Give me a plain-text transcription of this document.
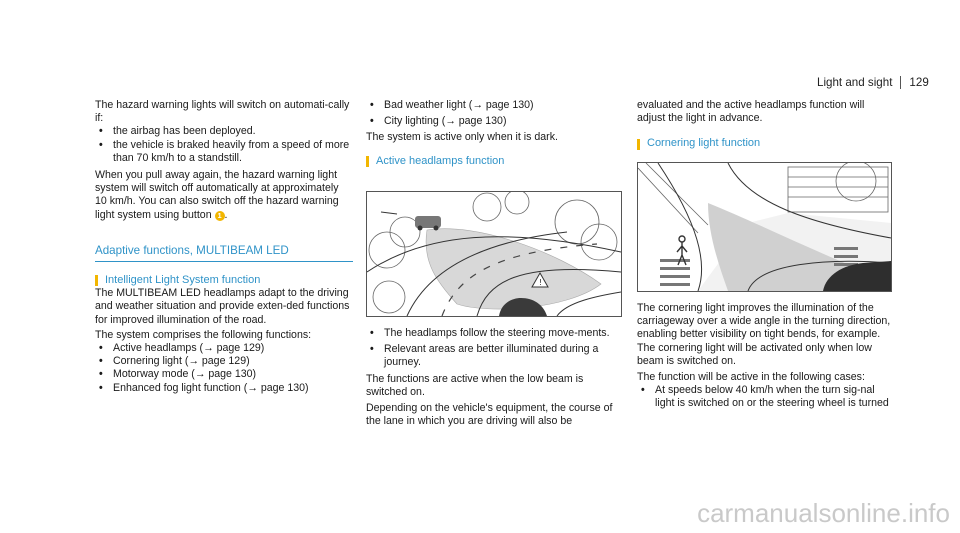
Light and sight 129

The hazard warning lights will switch on automati-cally if:

•
the airbag has been deployed.
•
the vehicle is braked heavily from a speed of more than 70 km/h to a standstill.

When you pull away again, the hazard warning light system will switch off automatically at approximately 10 km/h. You can also switch off the hazard warning light system using button 1 .

Adaptive functions, MULTIBEAM LED
Intelligent Light System function

The MULTIBEAM LED headlamps adapt to the driving and weather situation and provide exten-ded functions for improved illumination of the road.

The system comprises the following functions:

•
Active headlamps (→ page 129)
•
Cornering light (→ page 129)
•
Motorway mode (→ page 130)
•
Enhanced fog light function (→ page 130)
•
Bad weather light (→ page 130)
•
City lighting (→ page 130)

The system is active only when it is dark.

Active headlamps function
!
•
The headlamps follow the steering move-ments.
•
Relevant areas are better illuminated during a journey.

The functions are active when the low beam is switched on.

Depending on the vehicle's equipment, the course of the lane in which you are driving will also be

evaluated and the active headlamps function will adjust the light in advance.

Cornering light function

The cornering light improves the illumination of the carriageway over a wide angle in the turning direction, enabling better visibility on tight bends, for example. The cornering light will be activated only when low beam is switched on.

The function will be active in the following cases:

•
At speeds below 40 km/h when the turn sig-nal light is switched on or the steering wheel is turned
carmanualsonline.info
